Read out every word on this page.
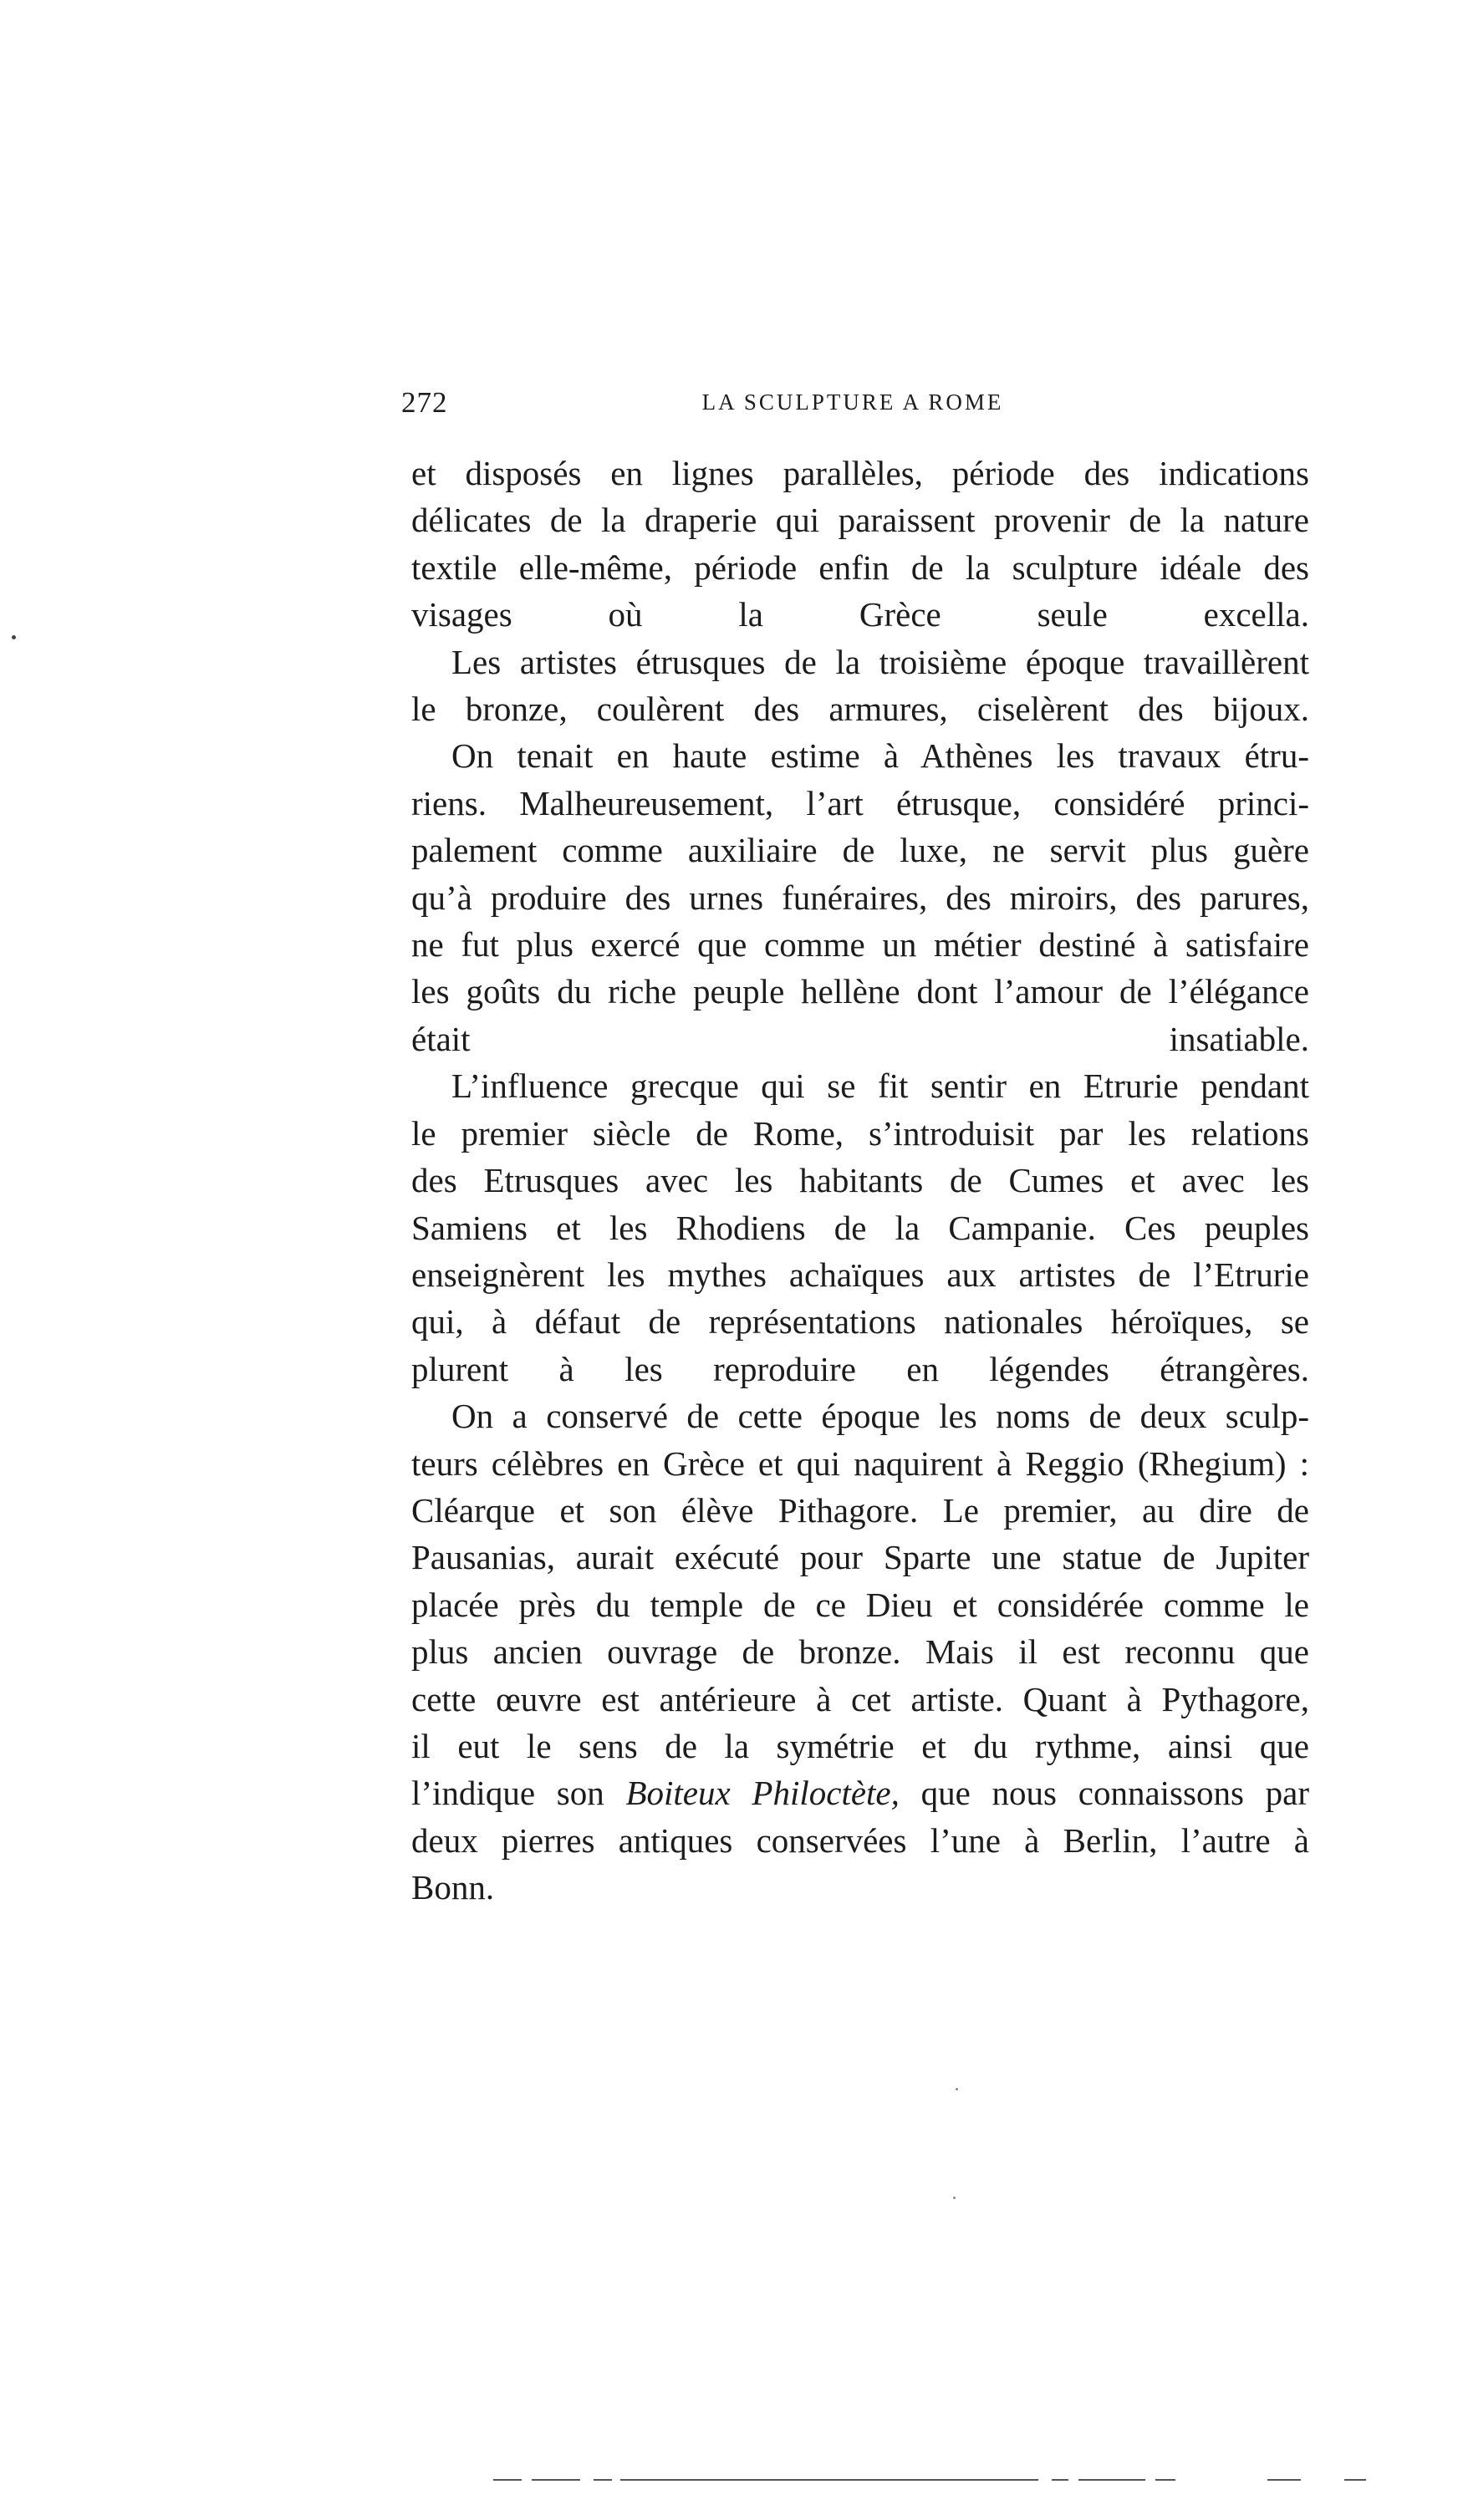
272	LA SCULPTURE A ROME

et disposés en lignes parallèles, période des indications
délicates de la draperie qui paraissent provenir de la nature
textile elle-même, période enfin de la sculpture idéale des
visages où la Grèce seule excella.

Les artistes étrusques de la troisième époque travaillèrent
le bronze, coulèrent des armures, ciselèrent des bijoux.

On tenait en haute estime à Athènes les travaux étru-
riens. Malheureusement, l’art étrusque, considéré princi-
palement comme auxiliaire de luxe, ne servit plus guère
qu’à produire des urnes funéraires, des miroirs, des parures,
ne fut plus exercé que comme un métier destiné à satisfaire
les goûts du riche peuple hellène dont l’amour de l’élégance
était insatiable.

L’influence grecque qui se fit sentir en Etrurie pendant
le premier siècle de Rome, s’introduisit par les relations
des Etrusques avec les habitants de Cumes et avec les
Samiens et les Rhodiens de la Campanie. Ces peuples
enseignèrent les mythes achaïques aux artistes de l’Etrurie
qui, à défaut de représentations nationales héroïques, se
plurent à les reproduire en légendes étrangères.

On a conservé de cette époque les noms de deux sculp-
teurs célèbres en Grèce et qui naquirent à Reggio (Rhegium) :
Cléarque et son élève Pithagore. Le premier, au dire de
Pausanias, aurait exécuté pour Sparte une statue de Jupiter
placée près du temple de ce Dieu et considérée comme le
plus ancien ouvrage de bronze. Mais il est reconnu que
cette œuvre est antérieure à cet artiste. Quant à Pythagore,
il eut le sens de la symétrie et du rythme, ainsi que
l’indique son Boiteux Philoctète, que nous connaissons par
deux pierres antiques conservées l’une à Berlin, l’autre à

Bonn.
